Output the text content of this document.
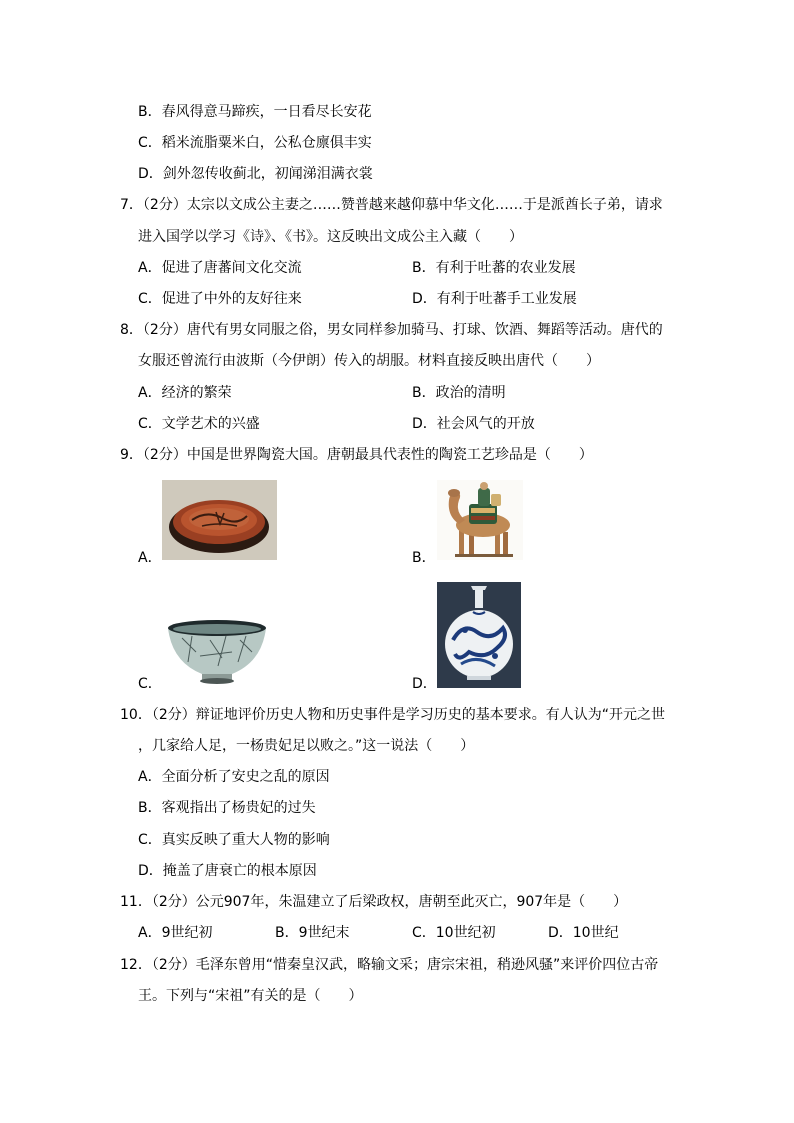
B．春风得意马蹄疾，一日看尽长安花
C．稻米流脂粟米白，公私仓廪俱丰实
D．剑外忽传收蓟北，初闻涕泪满衣裳
7．（2分）太宗以文成公主妻之……赞普越来越仰慕中华文化……于是派酋长子弟，请求
进入国学以学习《诗》、《书》。这反映出文成公主入藏（　　）
A．促进了唐蕃间文化交流	B．有利于吐蕃的农业发展
C．促进了中外的友好往来	D．有利于吐蕃手工业发展
8．（2分）唐代有男女同服之俗，男女同样参加骑马、打球、饮酒、舞蹈等活动。唐代的
女服还曾流行由波斯（今伊朗）传入的胡服。材料直接反映出唐代（　　）
A．经济的繁荣	B．政治的清明
C．文学艺术的兴盛	D．社会风气的开放
9．（2分）中国是世界陶瓷大国。唐朝最具代表性的陶瓷工艺珍品是（　　）
A．	B．
C．	D．
10．（2分）辩证地评价历史人物和历史事件是学习历史的基本要求。有人认为“开元之世
，几家给人足，一杨贵妃足以败之。”这一说法（　　）
A．全面分析了安史之乱的原因
B．客观指出了杨贵妃的过失
C．真实反映了重大人物的影响
D．掩盖了唐衰亡的根本原因
11．（2分）公元907年，朱温建立了后梁政权，唐朝至此灭亡，907年是（　　）
A．9世纪初	B．9世纪末	C．10世纪初	D．10世纪
12．（2分）毛泽东曾用“惜秦皇汉武，略输文采；唐宗宋祖，稍逊风骚”来评价四位古帝
王。下列与“宋祖”有关的是（　　）
